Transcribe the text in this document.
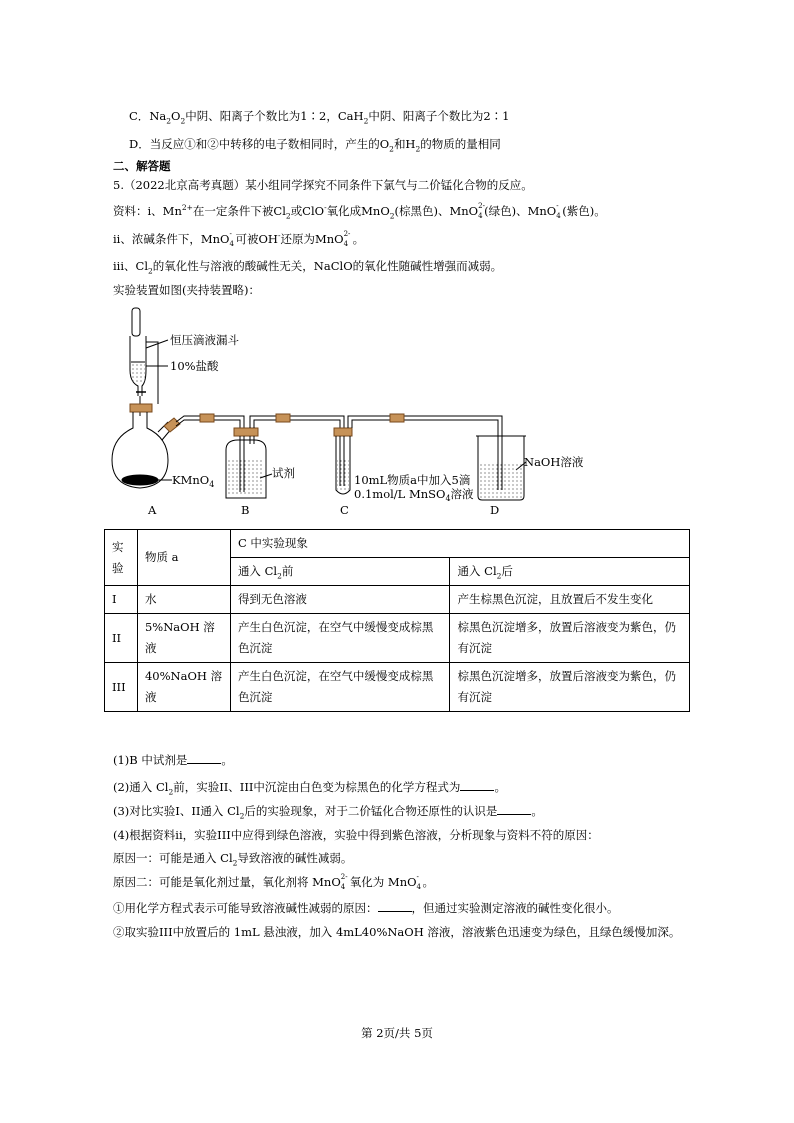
C．$Na_2O_2$中阴、阳离子个数比为1∶2，CaH$_2$中阴、阳离子个数比为2∶1
D．当反应①和②中转移的电子数相同时，产生的$O_2$和$H_2$的物质的量相同
二、解答题
5.（2022北京高考真题）某小组同学探究不同条件下氯气与二价锰化合物的反应。
资料：i、$Mn^{2+}$在一定条件下被$Cl_2$或ClO-氧化成MnO$_2$(棕黑色)、MnO 2-
4 (绿色)、MnO -
4 (紫色)。
ii、浓碱条件下，MnO -
4 可被OH-还原为MnO 2-
4 。
iii、$Cl_2$的氧化性与溶液的酸碱性无关，NaClO的氧化性随碱性增强而减弱。
实验装置如图(夹持装置略)：
恒压滴液漏斗
10%盐酸
KMnO$_4$
试剂	10mL物质a中加入5滴
0.1mol/L MnSO$_4$溶液
NaOH溶液
A	B	C	D
实验	物质 a	C 中实验现象	
		通入 $Cl_2$前	通入 $Cl_2$后
I	水	得到无色溶液	产生棕黑色沉淀，且放置后不发生变化
II	5%NaOH 溶液	产生白色沉淀，在空气中缓慢变成棕黑色沉淀	棕黑色沉淀增多，放置后溶液变为紫色，仍有沉淀
III	40%NaOH 溶液	产生白色沉淀，在空气中缓慢变成棕黑色沉淀	棕黑色沉淀增多，放置后溶液变为紫色，仍有沉淀
(1)B 中试剂是	。
(2)通入 $Cl_2$前，实验II、III中沉淀由白色变为棕黑色的化学方程式为	。
(3)对比实验I、II通入 $Cl_2$后的实验现象，对于二价锰化合物还原性的认识是	。
(4)根据资料ii，实验III中应得到绿色溶液，实验中得到紫色溶液，分析现象与资料不符的原因：
原因一：可能是通入 $Cl_2$导致溶液的碱性减弱。
原因二：可能是氧化剂过量，氧化剂将 MnO 2-
4 氧化为 MnO -
4 。
①用化学方程式表示可能导致溶液碱性减弱的原因：	，但通过实验测定溶液的碱性变化很小。
②取实验III中放置后的 1mL 悬浊液，加入 4mL40%NaOH 溶液，溶液紫色迅速变为绿色，且绿色缓慢加深。
第 2页/共 5页
